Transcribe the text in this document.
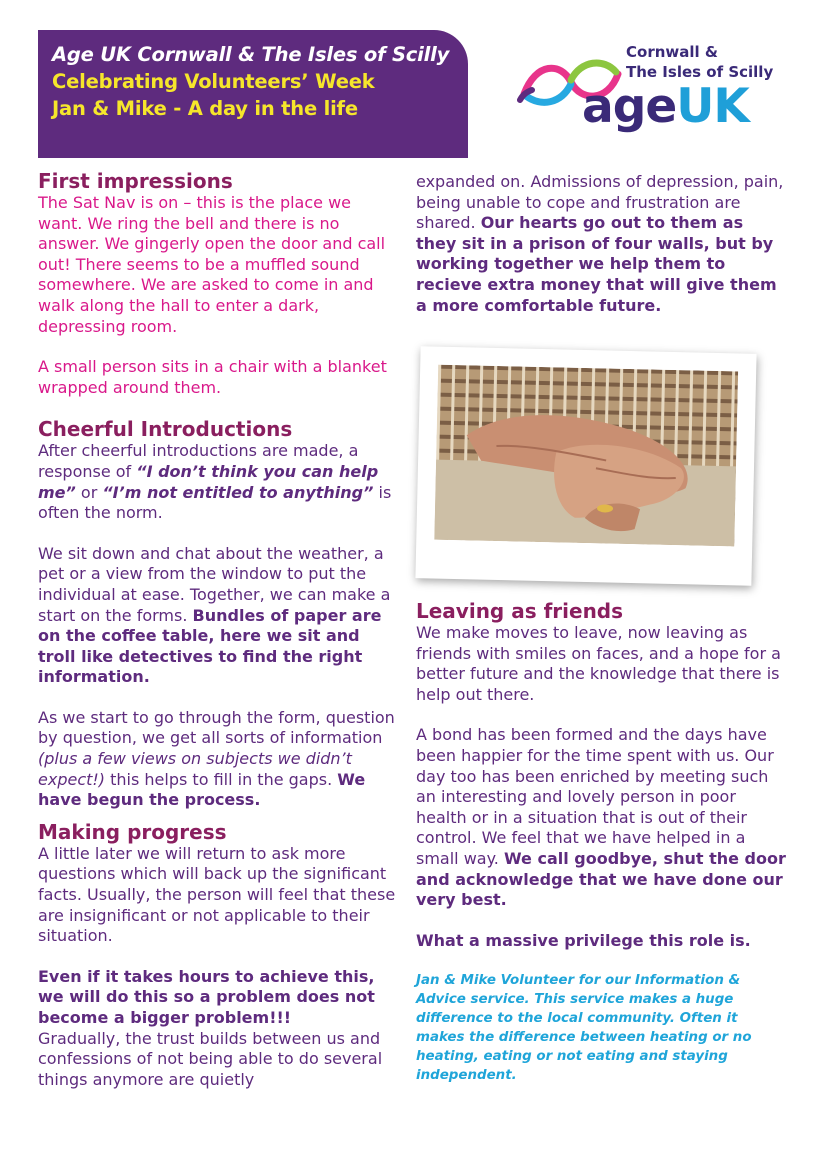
Age UK Cornwall & The Isles of Scilly
Celebrating Volunteers’ Week
Jan & Mike - A day in the life
Cornwall &
The Isles of Scilly
ageUK
First impressions

The Sat Nav is on – this is the place we want. We ring the bell and there is no answer. We gingerly open the door and call out! There seems to be a muffled sound somewhere. We are asked to come in and walk along the hall to enter a dark, depressing room.

A small person sits in a chair with a blanket wrapped around them.

Cheerful Introductions

After cheerful introductions are made, a response of “I don’t think you can help me” or “I’m not entitled to anything” is often the norm.

We sit down and chat about the weather, a pet or a view from the window to put the individual at ease. Together, we can make a start on the forms. Bundles of paper are on the coffee table, here we sit and troll like detectives to find the right information.

As we start to go through the form, question by question, we get all sorts of information (plus a few views on subjects we didn’t expect!) this helps to fill in the gaps. We have begun the process.

Making progress

A little later we will return to ask more questions which will back up the significant facts. Usually, the person will feel that these are insignificant or not applicable to their situation.

Even if it takes hours to achieve this, we will do this so a problem does not become a bigger problem!!!
Gradually, the trust builds between us and confessions of not being able to do several things anymore are quietly

expanded on. Admissions of depression, pain, being unable to cope and frustration are shared. Our hearts go out to them as they sit in a prison of four walls, but by working together we help them to recieve extra money that will give them a more comfortable future.

Leaving as friends

We make moves to leave, now leaving as friends with smiles on faces, and a hope for a better future and the knowledge that there is help out there.

A bond has been formed and the days have been happier for the time spent with us. Our day too has been enriched by meeting such an interesting and lovely person in poor health or in a situation that is out of their control. We feel that we have helped in a small way. We call goodbye, shut the door and acknowledge that we have done our very best.

What a massive privilege this role is.

Jan & Mike Volunteer for our Information & Advice service. This service makes a huge difference to the local community. Often it makes the difference between heating or no heating, eating or not eating and staying independent.
